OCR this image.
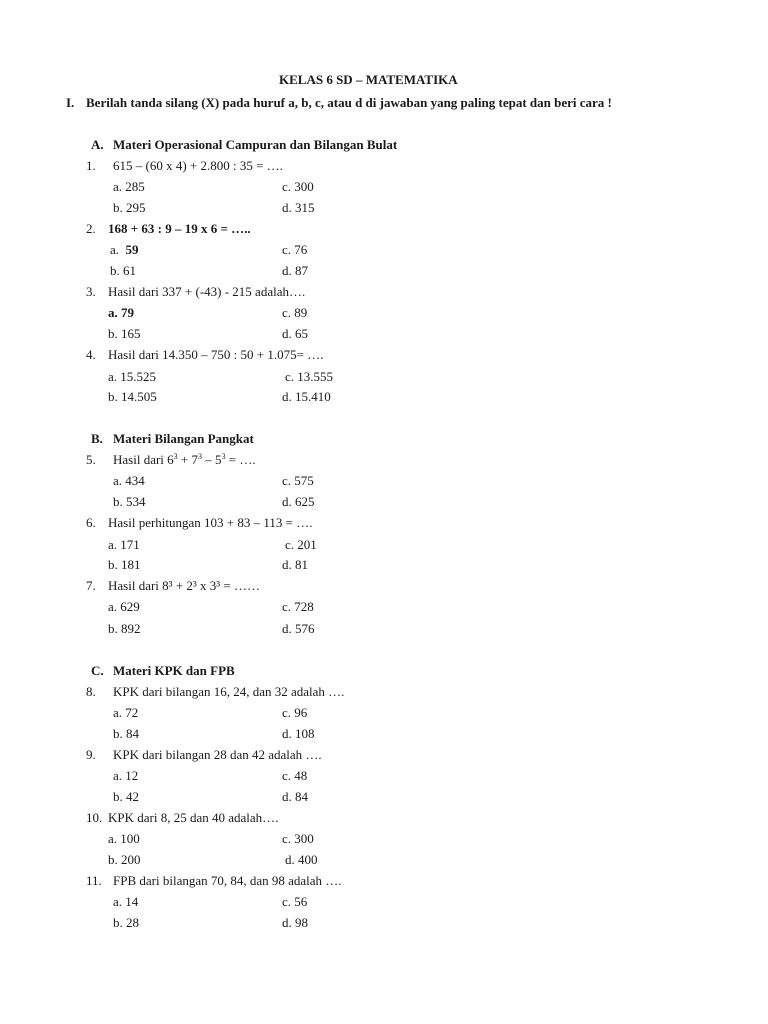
KELAS 6 SD – MATEMATIKA
I. Berilah tanda silang (X) pada huruf a, b, c, atau d di jawaban yang paling tepat dan beri cara !
A. Materi Operasional Campuran dan Bilangan Bulat
1. 615 – (60 x 4) + 2.800 : 35 = ….
a. 285	c. 300
b. 295	d. 315
2. 168 + 63 : 9 – 19 x 6 = …..
a. 59	c. 76
b. 61	d. 87
3. Hasil dari 337 + (-43) - 215 adalah….
a. 79	c. 89
b. 165	d. 65
4. Hasil dari 14.350 – 750 : 50 + 1.075= ….
a. 15.525	c. 13.555
b. 14.505	d. 15.410
B. Materi Bilangan Pangkat
5. Hasil dari $6^3 + 7^3 - 5^3$ = ….
a. 434	c. 575
b. 534	d. 625
6. Hasil perhitungan 103 + 83 – 113 = ….
a. 171	c. 201
b. 181	d. 81
7. Hasil dari 8³ + 2³ x 3³ = ……
a. 629	c. 728
b. 892	d. 576
C. Materi KPK dan FPB
8. KPK dari bilangan 16, 24, dan 32 adalah ….
a. 72	c. 96
b. 84	d. 108
9. KPK dari bilangan 28 dan 42 adalah ….
a. 12	c. 48
b. 42	d. 84
10. KPK dari 8, 25 dan 40 adalah….
a. 100	c. 300
b. 200	d. 400
11. FPB dari bilangan 70, 84, dan 98 adalah ….
a. 14	c. 56
b. 28	d. 98
